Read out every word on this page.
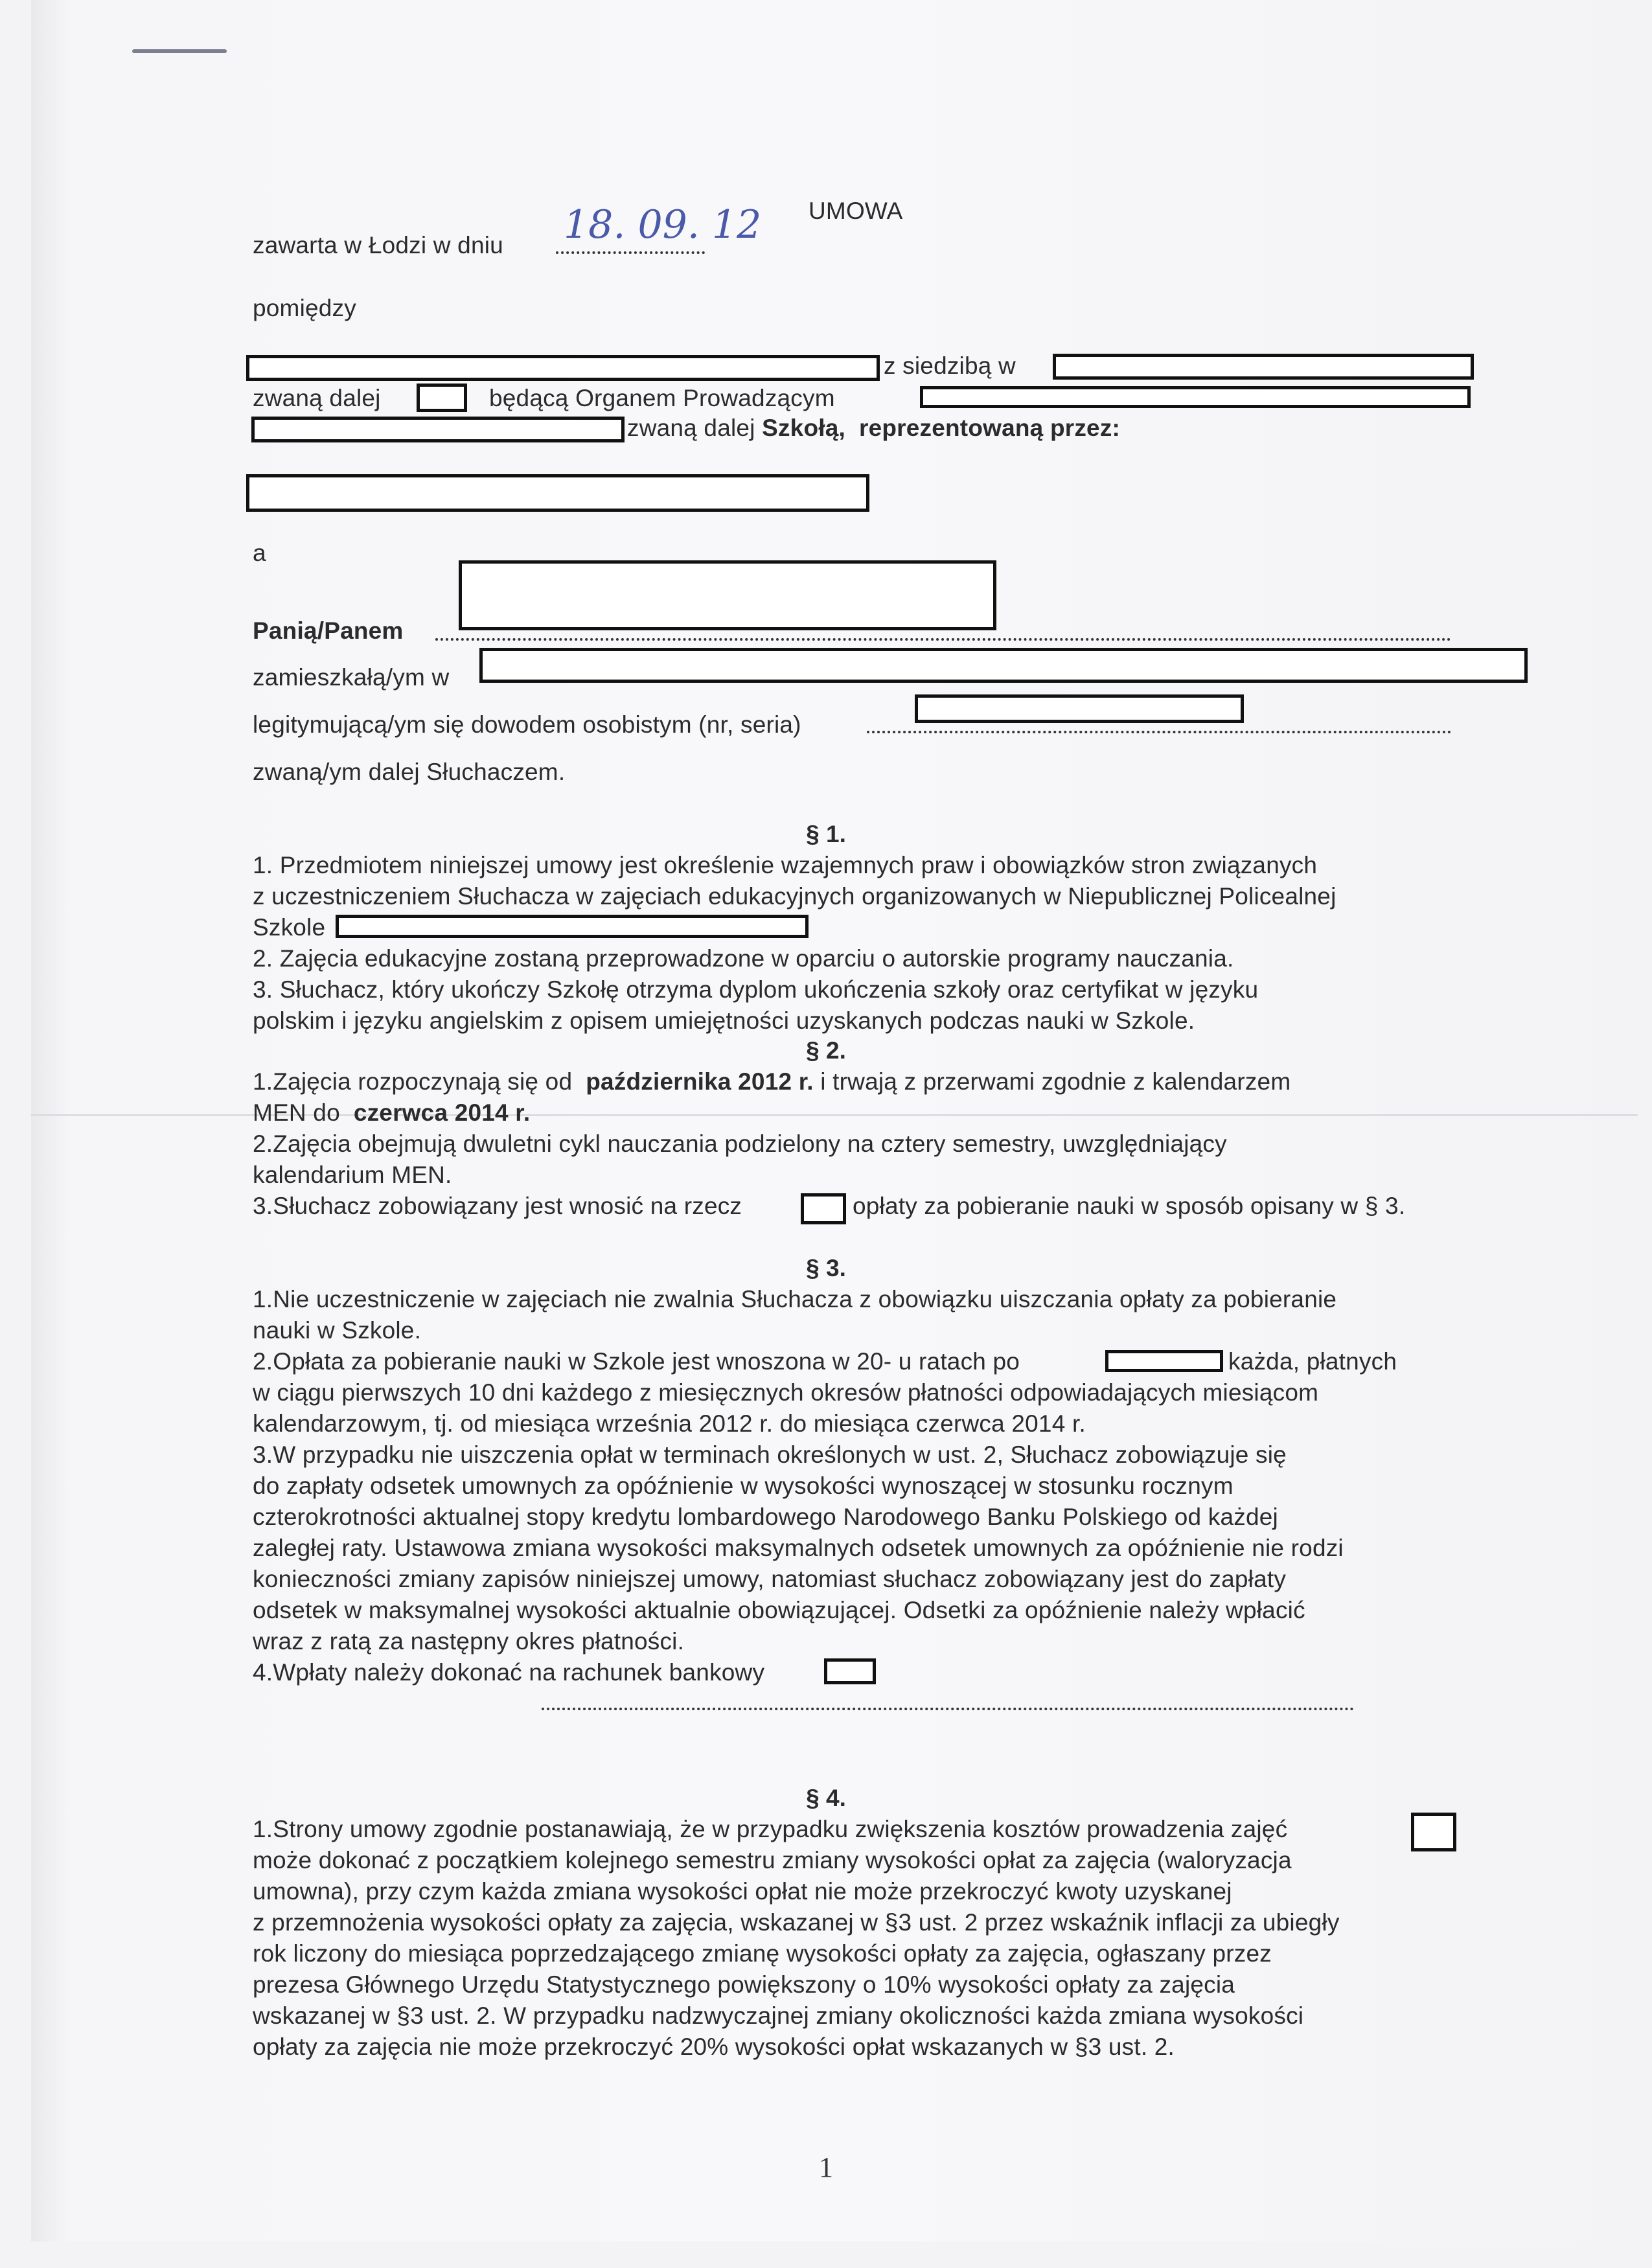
UMOWA
zawarta w Łodzi w dniu 18. 09. 12
pomiędzy
z siedzibą w
zwaną dalej	będącą Organem Prowadzącym
zwaną dalej Szkołą, reprezentowaną przez:
a
Panią/Panem
zamieszkałą/ym w
legitymującą/ym się dowodem osobistym (nr, seria)
zwaną/ym dalej Słuchaczem.
§ 1.
1. Przedmiotem niniejszej umowy jest określenie wzajemnych praw i obowiązków stron związanych
z uczestniczeniem Słuchacza w zajęciach edukacyjnych organizowanych w Niepublicznej Policealnej
Szkole
2. Zajęcia edukacyjne zostaną przeprowadzone w oparciu o autorskie programy nauczania.
3. Słuchacz, który ukończy Szkołę otrzyma dyplom ukończenia szkoły oraz certyfikat w języku
polskim i języku angielskim z opisem umiejętności uzyskanych podczas nauki w Szkole.
§ 2.
1.Zajęcia rozpoczynają się od października 2012 r. i trwają z przerwami zgodnie z kalendarzem
MEN do czerwca 2014 r.
2.Zajęcia obejmują dwuletni cykl nauczania podzielony na cztery semestry, uwzględniający
kalendarium MEN.
3.Słuchacz zobowiązany jest wnosić na rzecz	opłaty za pobieranie nauki w sposób opisany w § 3.
§ 3.
1.Nie uczestniczenie w zajęciach nie zwalnia Słuchacza z obowiązku uiszczania opłaty za pobieranie
nauki w Szkole.
2.Opłata za pobieranie nauki w Szkole jest wnoszona w 20- u ratach po	każda, płatnych
w ciągu pierwszych 10 dni każdego z miesięcznych okresów płatności odpowiadających miesiącom
kalendarzowym, tj. od miesiąca września 2012 r. do miesiąca czerwca 2014 r.
3.W przypadku nie uiszczenia opłat w terminach określonych w ust. 2, Słuchacz zobowiązuje się
do zapłaty odsetek umownych za opóźnienie w wysokości wynoszącej w stosunku rocznym
czterokrotności aktualnej stopy kredytu lombardowego Narodowego Banku Polskiego od każdej
zaległej raty. Ustawowa zmiana wysokości maksymalnych odsetek umownych za opóźnienie nie rodzi
konieczności zmiany zapisów niniejszej umowy, natomiast słuchacz zobowiązany jest do zapłaty
odsetek w maksymalnej wysokości aktualnie obowiązującej. Odsetki za opóźnienie należy wpłacić
wraz z ratą za następny okres płatności.
4.Wpłaty należy dokonać na rachunek bankowy
§ 4.
1.Strony umowy zgodnie postanawiają, że w przypadku zwiększenia kosztów prowadzenia zajęć
może dokonać z początkiem kolejnego semestru zmiany wysokości opłat za zajęcia (waloryzacja
umowna), przy czym każda zmiana wysokości opłat nie może przekroczyć kwoty uzyskanej
z przemnożenia wysokości opłaty za zajęcia, wskazanej w §3 ust. 2 przez wskaźnik inflacji za ubiegły
rok liczony do miesiąca poprzedzającego zmianę wysokości opłaty za zajęcia, ogłaszany przez
prezesa Głównego Urzędu Statystycznego powiększony o 10% wysokości opłaty za zajęcia
wskazanej w §3 ust. 2. W przypadku nadzwyczajnej zmiany okoliczności każda zmiana wysokości
opłaty za zajęcia nie może przekroczyć 20% wysokości opłat wskazanych w §3 ust. 2.
1
